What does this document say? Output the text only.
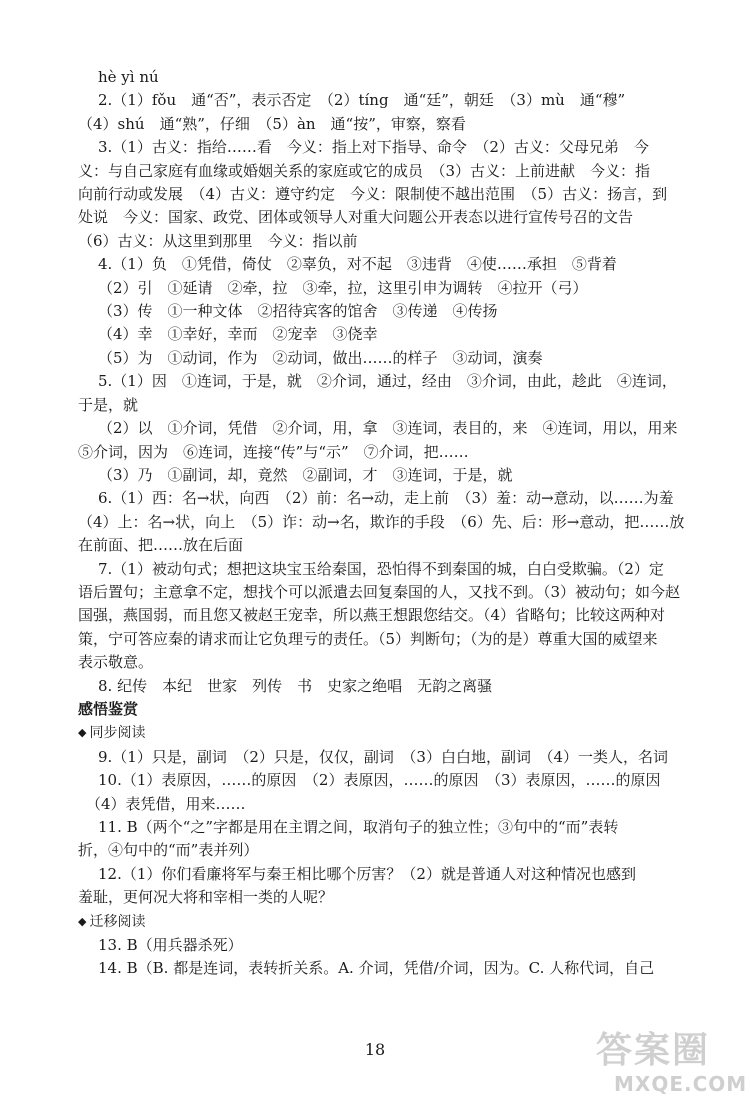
hè yì nú
2.（1）fǒu　通“否”，表示否定　（2）tíng　通“廷”，朝廷　（3）mù　通“穆”
（4）shú　通“熟”，仔细　（5）àn　通“按”，审察，察看
3.（1）古义：指给……看　今义：指上对下指导、命令　（2）古义：父母兄弟　今
义：与自己家庭有血缘或婚姻关系的家庭或它的成员　（3）古义：上前进献　今义：指
向前行动或发展　（4）古义：遵守约定　今义：限制使不越出范围　（5）古义：扬言，到
处说　今义：国家、政党、团体或领导人对重大问题公开表态以进行宣传号召的文告
（6）古义：从这里到那里　今义：指以前
4.（1）负　①凭借，倚仗　②辜负，对不起　③违背　④使……承担　⑤背着
（2）引　①延请　②牵，拉　③牵，拉，这里引申为调转　④拉开（弓）
（3）传　①一种文体　②招待宾客的馆舍　③传递　④传扬
（4）幸　①幸好，幸而　②宠幸　③侥幸
（5）为　①动词，作为　②动词，做出……的样子　③动词，演奏
5.（1）因　①连词，于是，就　②介词，通过，经由　③介词，由此，趁此　④连词，
于是，就
（2）以　①介词，凭借　②介词，用，拿　③连词，表目的，来　④连词，用以，用来
⑤介词，因为　⑥连词，连接“传”与“示”　⑦介词，把……
（3）乃　①副词，却，竟然　②副词，才　③连词，于是，就
6.（1）西：名→状，向西　（2）前：名→动，走上前　（3）羞：动→意动，以……为羞
（4）上：名→状，向上　（5）诈：动→名，欺诈的手段　（6）先、后：形→意动，把……放
在前面、把……放在后面
7.（1）被动句式；想把这块宝玉给秦国，恐怕得不到秦国的城，白白受欺骗。（2）定
语后置句；主意拿不定，想找个可以派遣去回复秦国的人，又找不到。（3）被动句；如今赵
国强，燕国弱，而且您又被赵王宠幸，所以燕王想跟您结交。（4）省略句；比较这两种对
策，宁可答应秦的请求而让它负理亏的责任。（5）判断句；（为的是）尊重大国的威望来
表示敬意。
8. 纪传　本纪　世家　列传　书　史家之绝唱　无韵之离骚
感悟鉴赏
◆ 同步阅读
9.（1）只是，副词　（2）只是，仅仅，副词　（3）白白地，副词　（4）一类人，名词
10.（1）表原因，……的原因　（2）表原因，……的原因　（3）表原因，……的原因
（4）表凭借，用来……
11. B（两个“之”字都是用在主谓之间，取消句子的独立性；③句中的“而”表转
折，④句中的“而”表并列）
12.（1）你们看廉将军与秦王相比哪个厉害？（2）就是普通人对这种情况也感到
羞耻，更何况大将和宰相一类的人呢？
◆ 迁移阅读
13. B（用兵器杀死）
14. B（B. 都是连词，表转折关系。A. 介词，凭借/介词，因为。C. 人称代词，自己
18	答案圈
MXQE.COM
